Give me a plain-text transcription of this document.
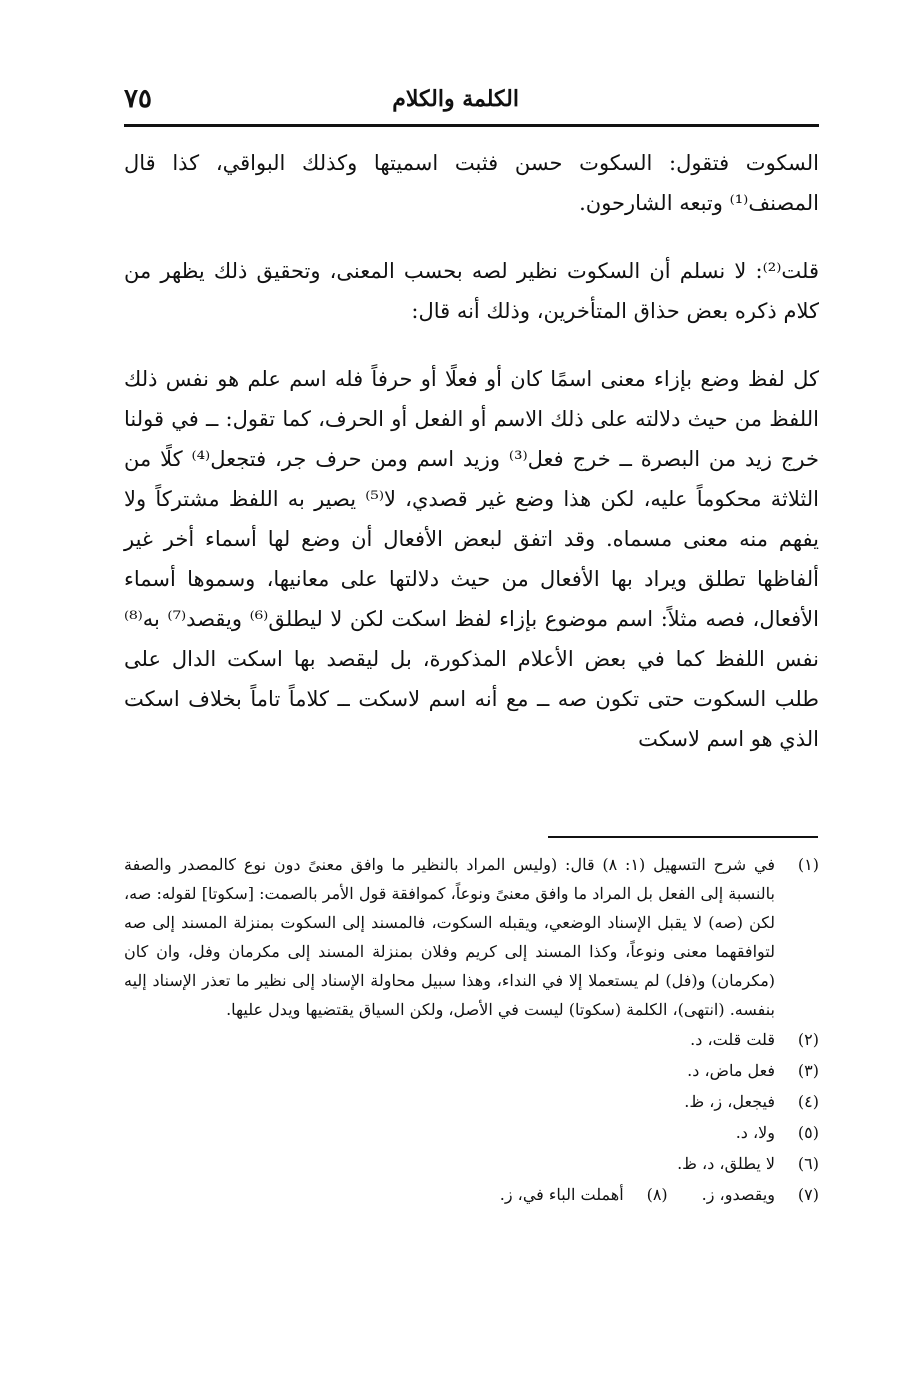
الكلمة والكلام
٧٥

السكوت فتقول: السكوت حسن فثبت اسميتها وكذلك البواقي، كذا قال المصنف⁽¹⁾ وتبعه الشارحون.

قلت⁽²⁾: لا نسلم أن السكوت نظير لصه بحسب المعنى، وتحقيق ذلك يظهر من كلام ذكره بعض حذاق المتأخرين، وذلك أنه قال:

كل لفظ وضع بإزاء معنى اسمًا كان أو فعلًا أو حرفاً فله اسم علم هو نفس ذلك اللفظ من حيث دلالته على ذلك الاسم أو الفعل أو الحرف، كما تقول: ــ في قولنا خرج زيد من البصرة ــ خرج فعل⁽³⁾ وزيد اسم ومن حرف جر، فتجعل⁽⁴⁾ كلًا من الثلاثة محكوماً عليه، لكن هذا وضع غير قصدي، لا⁽⁵⁾ يصير به اللفظ مشتركاً ولا يفهم منه معنى مسماه. وقد اتفق لبعض الأفعال أن وضع لها أسماء أخر غير ألفاظها تطلق ويراد بها الأفعال من حيث دلالتها على معانيها، وسموها أسماء الأفعال، فصه مثلاً: اسم موضوع بإزاء لفظ اسكت لكن لا ليطلق⁽⁶⁾ ويقصد⁽⁷⁾ به⁽⁸⁾ نفس اللفظ كما في بعض الأعلام المذكورة، بل ليقصد بها اسكت الدال على طلب السكوت حتى تكون صه ــ مع أنه اسم لاسكت ــ كلاماً تاماً بخلاف اسكت الذي هو اسم لاسكت

(١)
في شرح التسهيل (١: ٨) قال: (وليس المراد بالنظير ما وافق معنىً دون نوع كالمصدر والصفة بالنسبة إلى الفعل بل المراد ما وافق معنىً ونوعاً، كموافقة قول الأمر بالصمت: [سكوتا] لقوله: صه، لكن (صه) لا يقبل الإسناد الوضعي، ويقبله السكوت، فالمسند إلى السكوت بمنزلة المسند إلى صه لتوافقهما معنى ونوعاً، وكذا المسند إلى كريم وفلان بمنزلة المسند إلى مكرمان وفل، وان كان (مكرمان) و(فل) لم يستعملا إلا في النداء، وهذا سبيل محاولة الإسناد إلى نظير ما تعذر الإسناد إليه بنفسه. (انتهى)، الكلمة (سكوتا) ليست في الأصل، ولكن السياق يقتضيها ويدل عليها.
(٢)
قلت قلت، د.
(٣)
فعل ماض، د.
(٤)
فيجعل، ز، ظ.
(٥)
ولا، د.
(٦)
لا يطلق، د، ظ.
(٧)
ويقصدو، ز.
(٨)
أهملت الباء في، ز.
